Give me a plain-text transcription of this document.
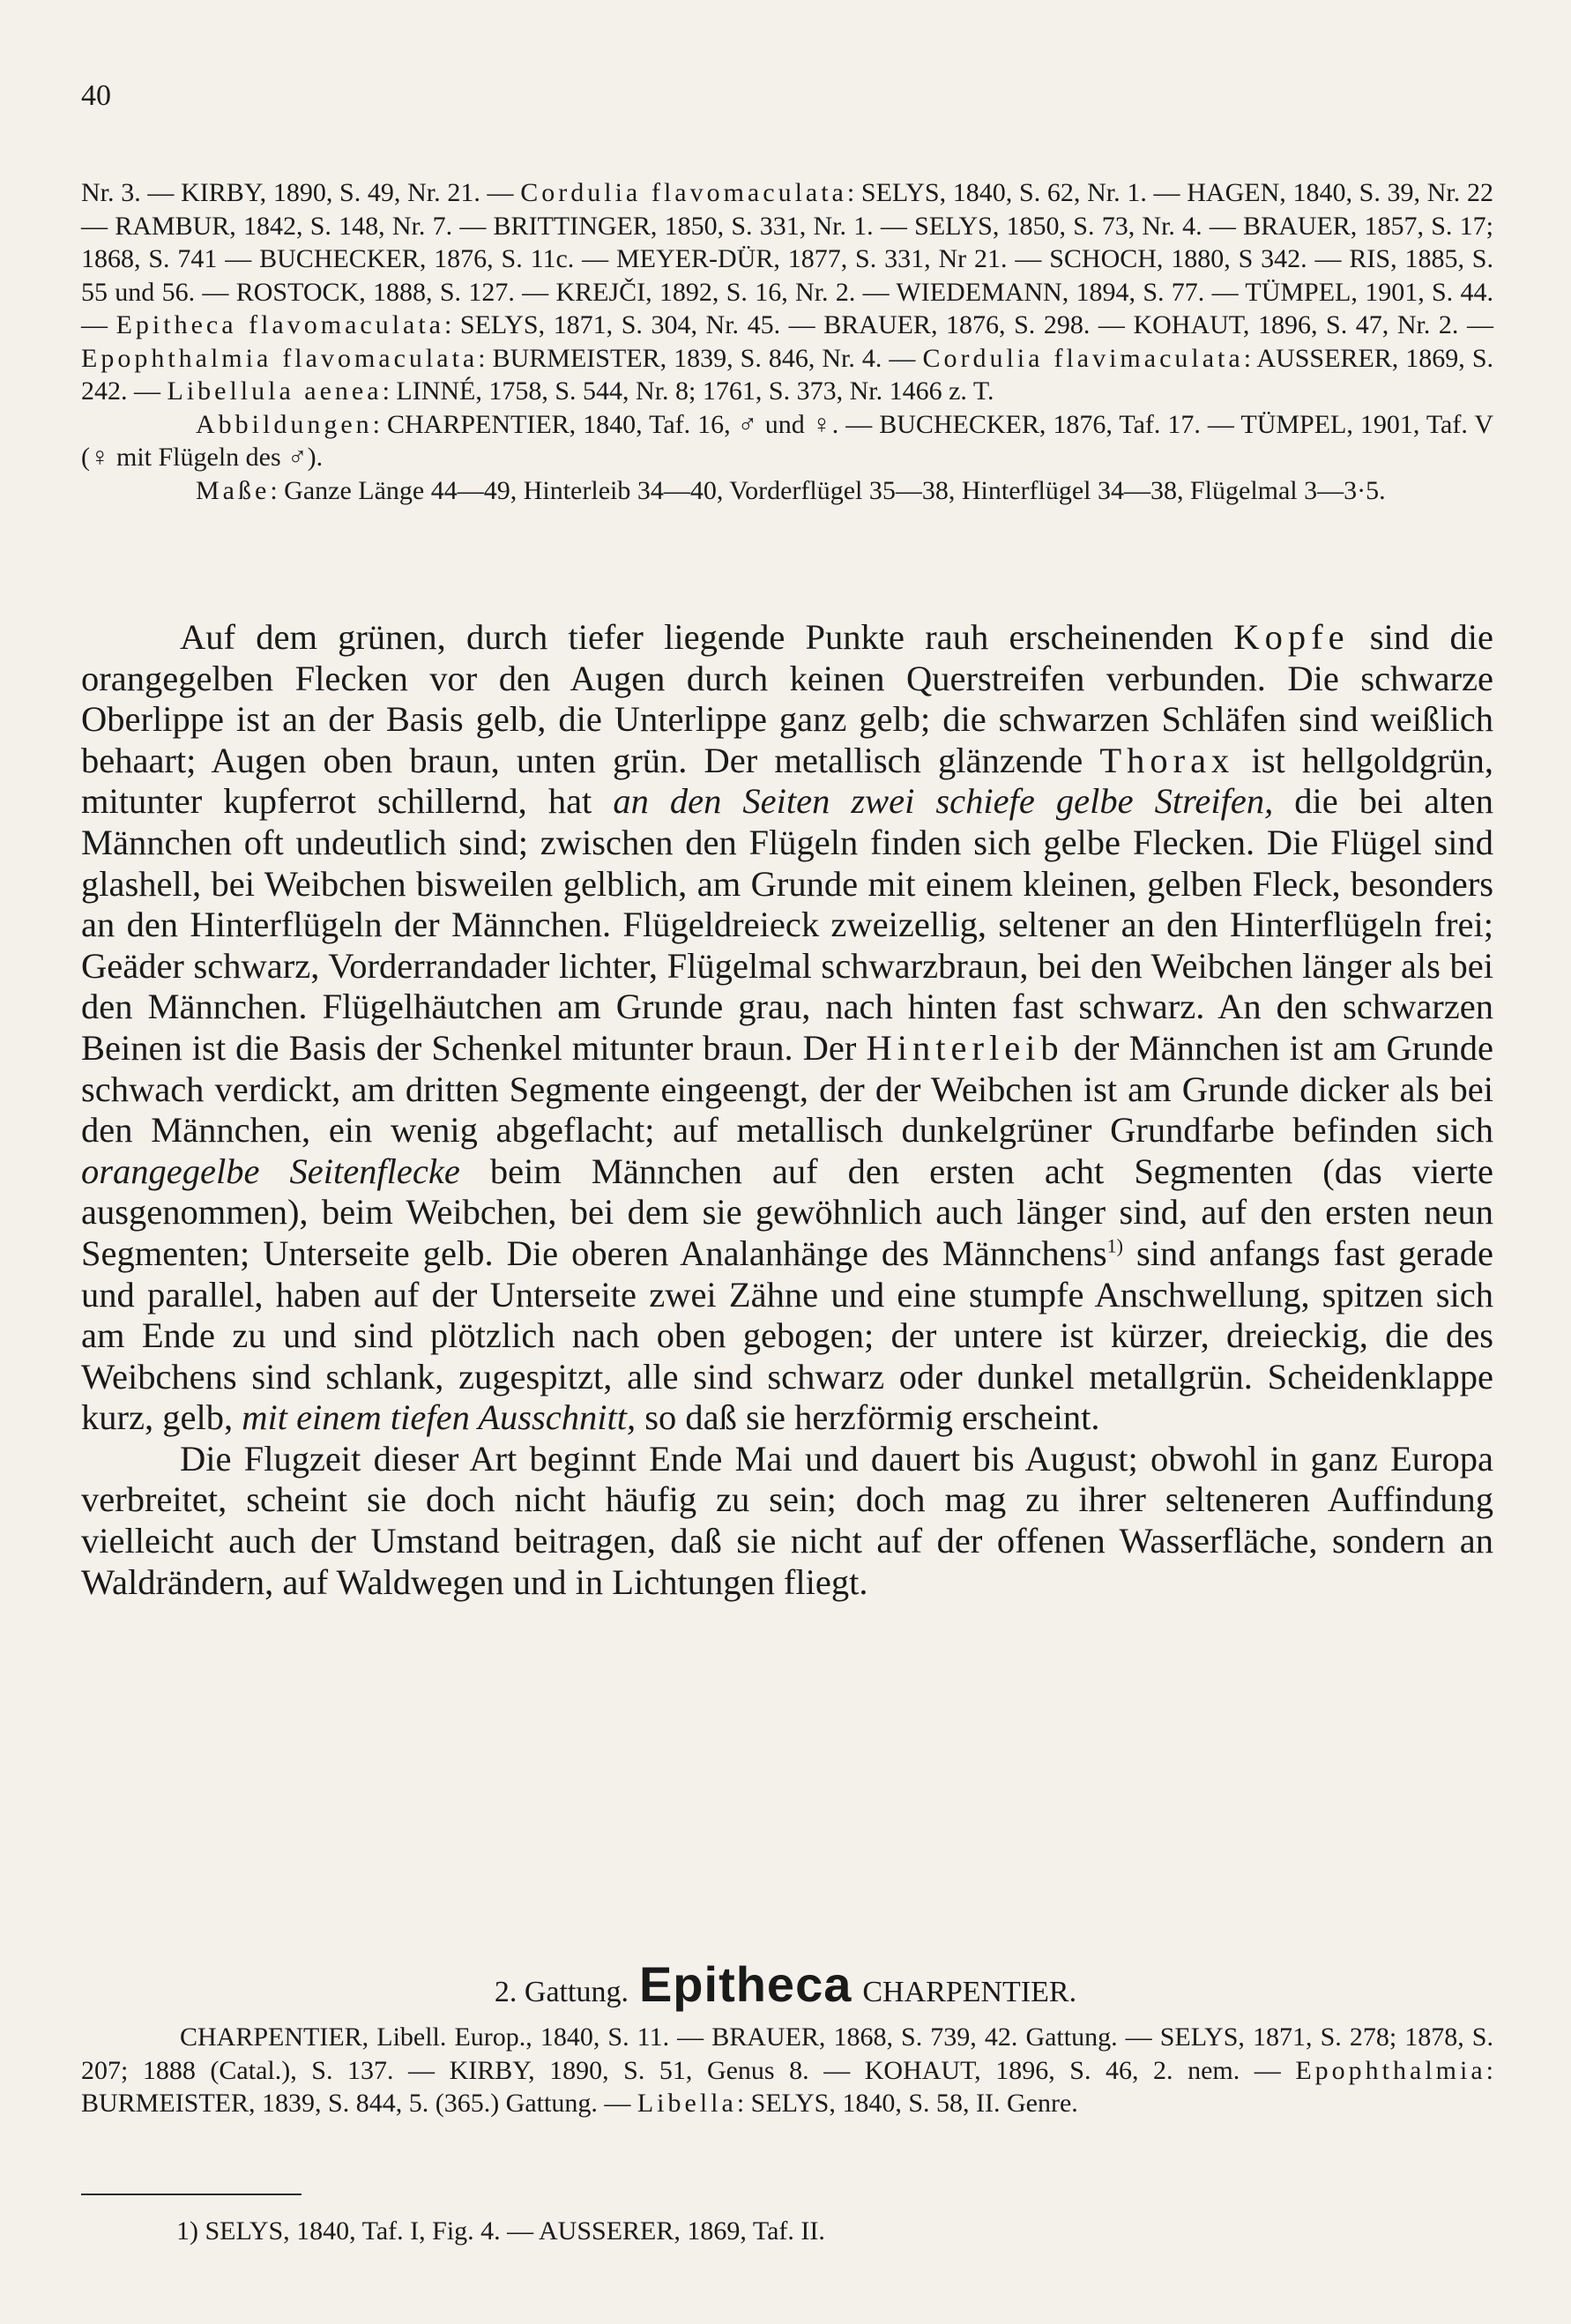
40

Nr. 3. — KIRBY, 1890, S. 49, Nr. 21. — Cordulia flavomaculata: SELYS, 1840, S. 62, Nr. 1. — HAGEN, 1840, S. 39, Nr. 22 — RAMBUR, 1842, S. 148, Nr. 7. — BRITTINGER, 1850, S. 331, Nr. 1. — SELYS, 1850, S. 73, Nr. 4. — BRAUER, 1857, S. 17; 1868, S. 741 — BUCHECKER, 1876, S. 11c. — MEYER-DÜR, 1877, S. 331, Nr 21. — SCHOCH, 1880, S 342. — RIS, 1885, S. 55 und 56. — ROSTOCK, 1888, S. 127. — KREJČI, 1892, S. 16, Nr. 2. — WIEDEMANN, 1894, S. 77. — TÜMPEL, 1901, S. 44. — Epitheca flavomaculata: SELYS, 1871, S. 304, Nr. 45. — BRAUER, 1876, S. 298. — KOHAUT, 1896, S. 47, Nr. 2. — Epophthalmia flavomaculata: BURMEISTER, 1839, S. 846, Nr. 4. — Cordulia flavimaculata: AUSSERER, 1869, S. 242. — Libellula aenea: LINNÉ, 1758, S. 544, Nr. 8; 1761, S. 373, Nr. 1466 z. T.

Abbildungen: CHARPENTIER, 1840, Taf. 16, ♂ und ♀. — BUCHECKER, 1876, Taf. 17. — TÜMPEL, 1901, Taf. V (♀ mit Flügeln des ♂).

Maße: Ganze Länge 44—49, Hinterleib 34—40, Vorderflügel 35—38, Hinterflügel 34—38, Flügelmal 3—3·5.

Auf dem grünen, durch tiefer liegende Punkte rauh erscheinenden Kopfe sind die orangegelben Flecken vor den Augen durch keinen Querstreifen verbunden. Die schwarze Oberlippe ist an der Basis gelb, die Unterlippe ganz gelb; die schwarzen Schläfen sind weißlich behaart; Augen oben braun, unten grün. Der metallisch glänzende Thorax ist hellgoldgrün, mitunter kupferrot schillernd, hat an den Seiten zwei schiefe gelbe Streifen, die bei alten Männchen oft undeutlich sind; zwischen den Flügeln finden sich gelbe Flecken. Die Flügel sind glashell, bei Weibchen bisweilen gelblich, am Grunde mit einem kleinen, gelben Fleck, besonders an den Hinterflügeln der Männchen. Flügeldreieck zweizellig, seltener an den Hinterflügeln frei; Geäder schwarz, Vorderrandader lichter, Flügelmal schwarzbraun, bei den Weibchen länger als bei den Männchen. Flügelhäutchen am Grunde grau, nach hinten fast schwarz. An den schwarzen Beinen ist die Basis der Schenkel mitunter braun. Der Hinterleib der Männchen ist am Grunde schwach verdickt, am dritten Segmente eingeengt, der der Weibchen ist am Grunde dicker als bei den Männchen, ein wenig abgeflacht; auf metallisch dunkelgrüner Grundfarbe befinden sich orangegelbe Seitenflecke beim Männchen auf den ersten acht Segmenten (das vierte ausgenommen), beim Weibchen, bei dem sie gewöhnlich auch länger sind, auf den ersten neun Segmenten; Unterseite gelb. Die oberen Analanhänge des Männchens$^{1)}$ sind anfangs fast gerade und parallel, haben auf der Unterseite zwei Zähne und eine stumpfe Anschwellung, spitzen sich am Ende zu und sind plötzlich nach oben gebogen; der untere ist kürzer, dreieckig, die des Weibchens sind schlank, zugespitzt, alle sind schwarz oder dunkel metallgrün. Scheidenklappe kurz, gelb, mit einem tiefen Ausschnitt, so daß sie herzförmig erscheint.

Die Flugzeit dieser Art beginnt Ende Mai und dauert bis August; obwohl in ganz Europa verbreitet, scheint sie doch nicht häufig zu sein; doch mag zu ihrer selteneren Auffindung vielleicht auch der Umstand beitragen, daß sie nicht auf der offenen Wasserfläche, sondern an Waldrändern, auf Waldwegen und in Lichtungen fliegt.

2. Gattung. Epitheca CHARPENTIER.

CHARPENTIER, Libell. Europ., 1840, S. 11. — BRAUER, 1868, S. 739, 42. Gattung. — SELYS, 1871, S. 278; 1878, S. 207; 1888 (Catal.), S. 137. — KIRBY, 1890, S. 51, Genus 8. — KOHAUT, 1896, S. 46, 2. nem. — Epophthalmia: BURMEISTER, 1839, S. 844, 5. (365.) Gattung. — Libella: SELYS, 1840, S. 58, II. Genre.

1) SELYS, 1840, Taf. I, Fig. 4. — AUSSERER, 1869, Taf. II.
